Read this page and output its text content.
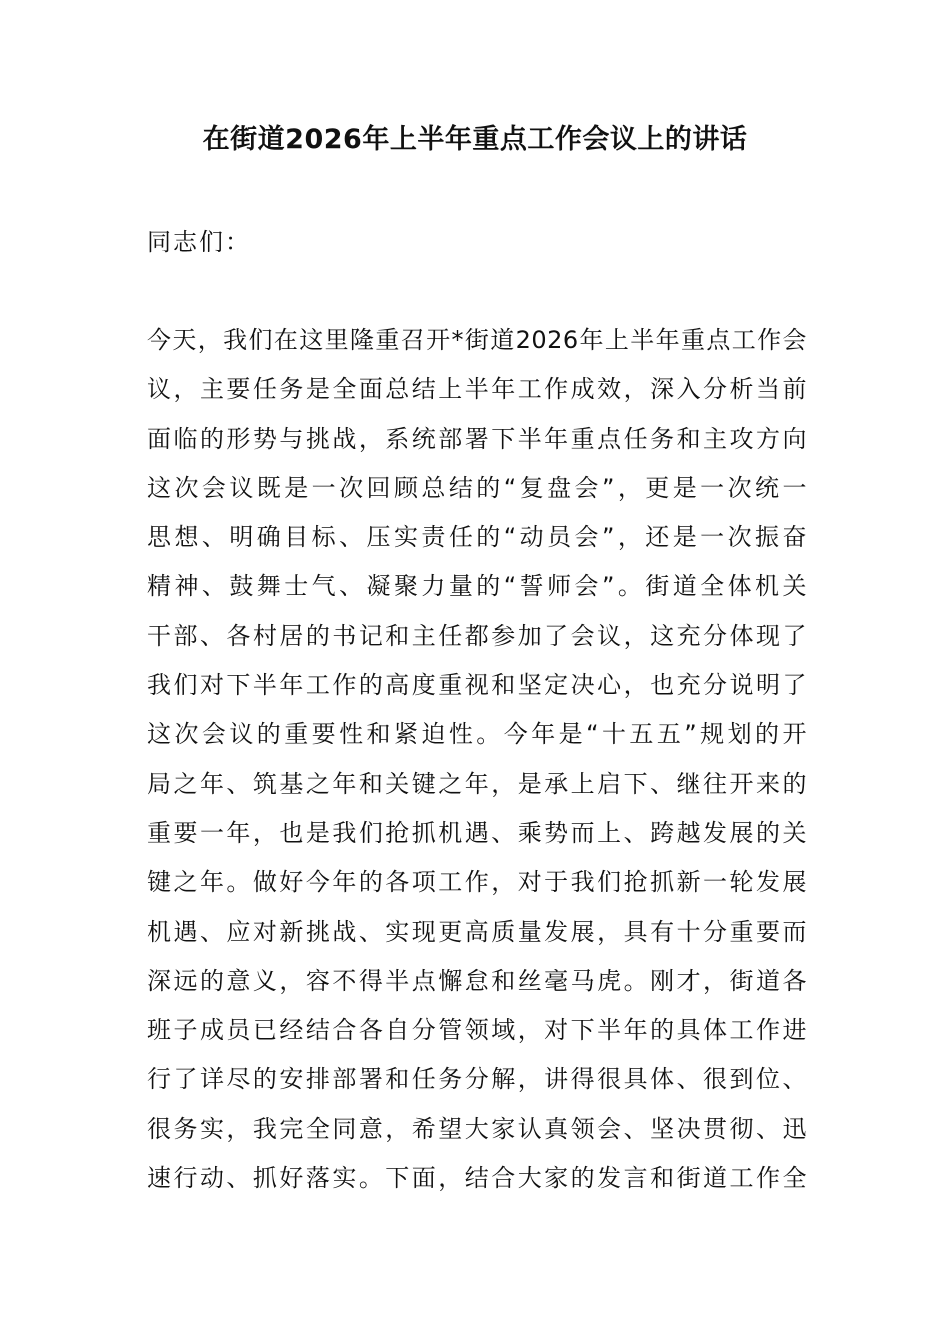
在街道2026年上半年重点工作会议上的讲话

同志们：

今天，我们在这里隆重召开*街道2026年上半年重点工作会
议，主要任务是全面总结上半年工作成效，深入分析当前
面临的形势与挑战，系统部署下半年重点任务和主攻方向
这次会议既是一次回顾总结的“复盘会”，更是一次统一
思想、明确目标、压实责任的“动员会”，还是一次振奋
精神、鼓舞士气、凝聚力量的“誓师会”。街道全体机关
干部、各村居的书记和主任都参加了会议，这充分体现了
我们对下半年工作的高度重视和坚定决心，也充分说明了
这次会议的重要性和紧迫性。今年是“十五五”规划的开
局之年、筑基之年和关键之年，是承上启下、继往开来的
重要一年，也是我们抢抓机遇、乘势而上、跨越发展的关
键之年。做好今年的各项工作，对于我们抢抓新一轮发展
机遇、应对新挑战、实现更高质量发展，具有十分重要而
深远的意义，容不得半点懈怠和丝毫马虎。刚才，街道各
班子成员已经结合各自分管领域，对下半年的具体工作进
行了详尽的安排部署和任务分解，讲得很具体、很到位、
很务实，我完全同意，希望大家认真领会、坚决贯彻、迅
速行动、抓好落实。下面，结合大家的发言和街道工作全
